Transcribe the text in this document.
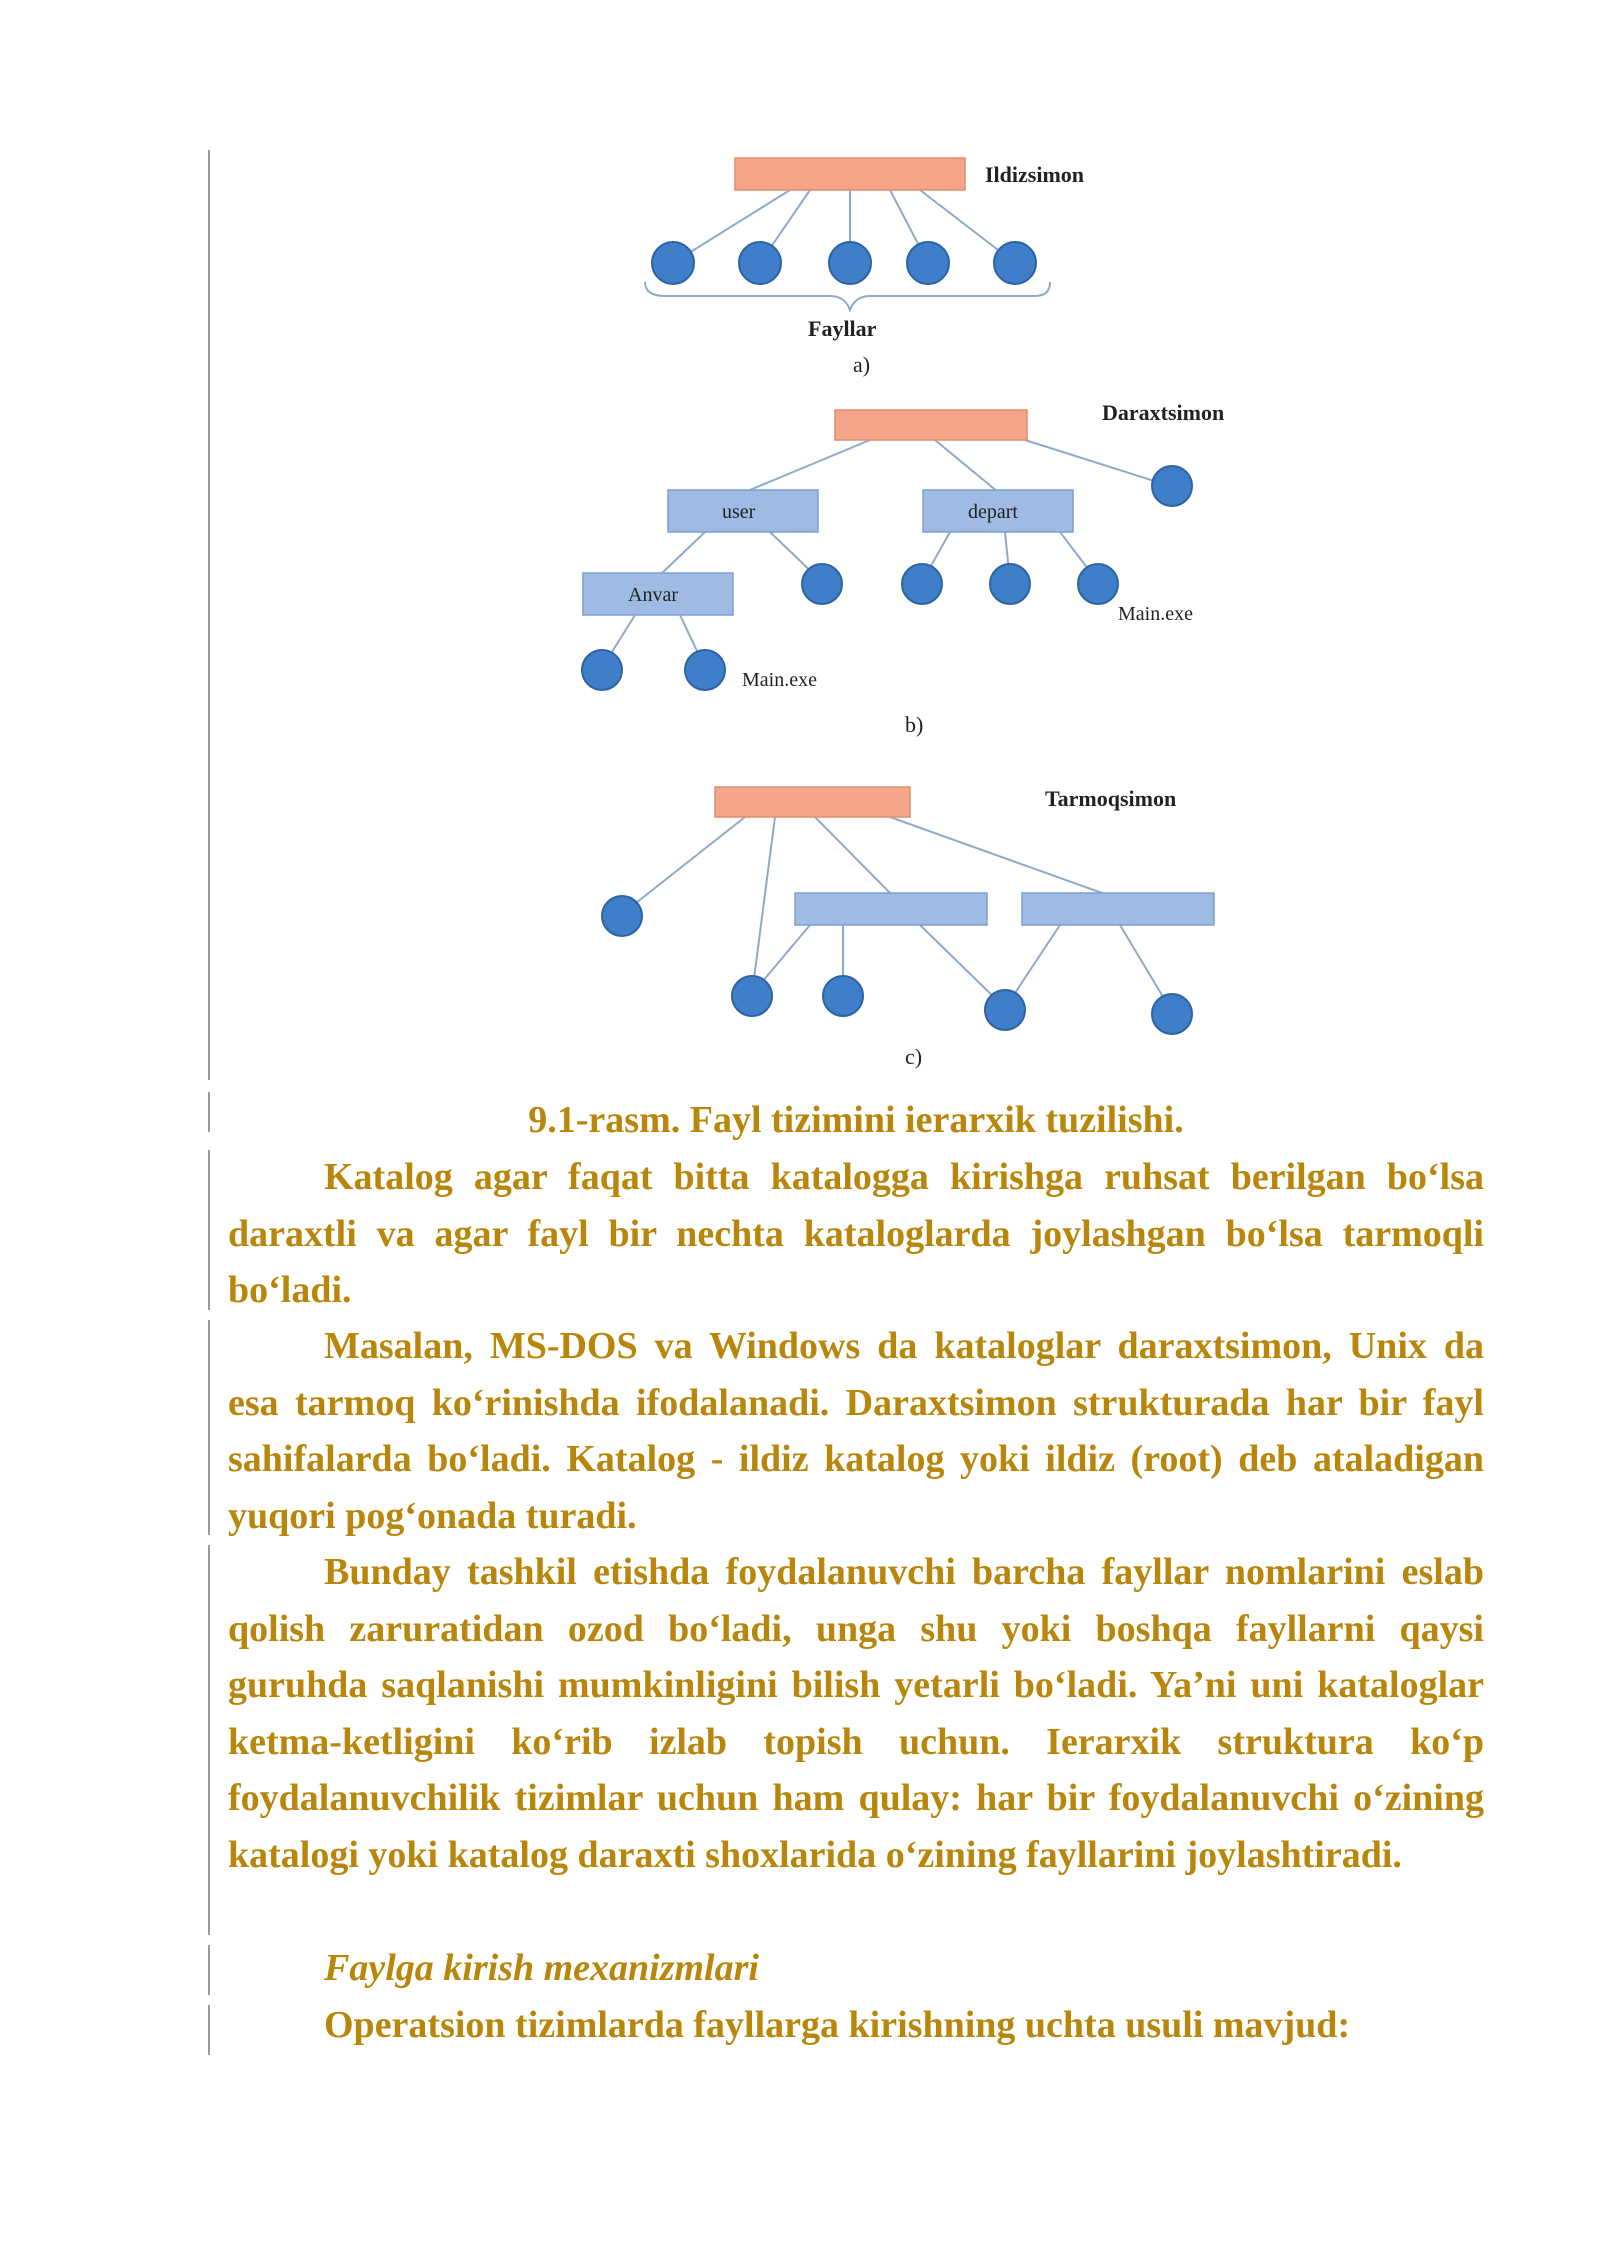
Ildizsimon
Fayllar
a)
user	depart
Anvar
Main.exe
Main.exe
Daraxtsimon
b)
Tarmoqsimon
c)
9.1-rasm. Fayl tizimini ierarxik tuzilishi.
Katalog agar faqat bitta katalogga kirishga ruhsat berilgan bo‘lsa daraxtli va agar fayl bir nechta kataloglarda joylashgan bo‘lsa tarmoqli bo‘ladi.
Masalan, MS-DOS va Windows da kataloglar daraxtsimon, Unix da esa tarmoq ko‘rinishda ifodalanadi. Daraxtsimon strukturada har bir fayl sahifalarda bo‘ladi. Katalog - ildiz katalog yoki ildiz (root) deb ataladigan yuqori pog‘onada turadi.
Bunday tashkil etishda foydalanuvchi barcha fayllar nomlarini eslab qolish zaruratidan ozod bo‘ladi, unga shu yoki boshqa fayllarni qaysi guruhda saqlanishi mumkinligini bilish yetarli bo‘ladi. Ya’ni uni kataloglar ketma-ketligini ko‘rib izlab topish uchun. Ierarxik struktura ko‘p foydalanuvchilik tizimlar uchun ham qulay: har bir foydalanuvchi o‘zining katalogi yoki katalog daraxti shoxlarida o‘zining fayllarini joylashtiradi.
Faylga kirish mexanizmlari
Operatsion tizimlarda fayllarga kirishning uchta usuli mavjud:
